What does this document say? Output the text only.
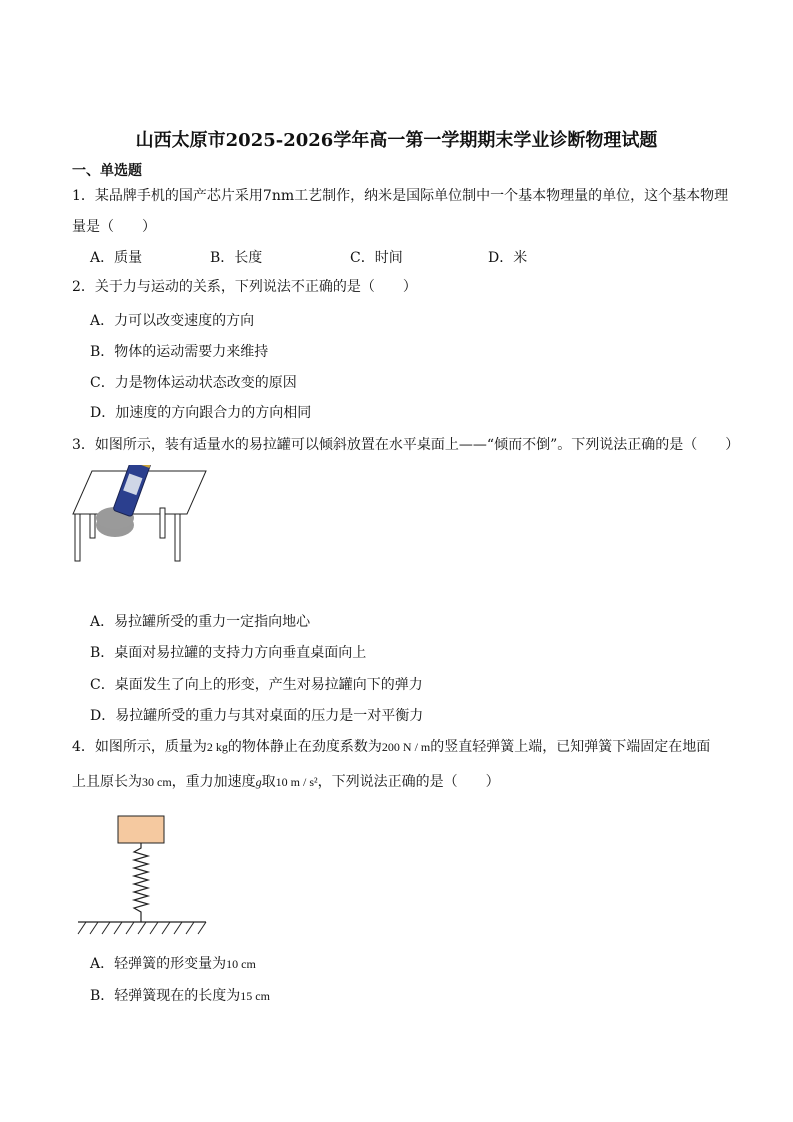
山西太原市2025-2026学年高一第一学期期末学业诊断物理试题
一、单选题
1．某品牌手机的国产芯片采用7nm工艺制作，纳米是国际单位制中一个基本物理量的单位，这个基本物理
量是（　　）
A．质量	B．长度	C．时间	D．米
2．关于力与运动的关系，下列说法不正确的是（　　）
A．力可以改变速度的方向
B．物体的运动需要力来维持
C．力是物体运动状态改变的原因
D．加速度的方向跟合力的方向相同
3．如图所示，装有适量水的易拉罐可以倾斜放置在水平桌面上——“倾而不倒”。下列说法正确的是（　　）
A．易拉罐所受的重力一定指向地心
B．桌面对易拉罐的支持力方向垂直桌面向上
C．桌面发生了向上的形变，产生对易拉罐向下的弹力
D．易拉罐所受的重力与其对桌面的压力是一对平衡力
4．如图所示，质量为2 kg的物体静止在劲度系数为200 N / m的竖直轻弹簧上端，已知弹簧下端固定在地面
上且原长为30 cm，重力加速度g取10 m / s²，下列说法正确的是（　　）
A．轻弹簧的形变量为10 cm
B．轻弹簧现在的长度为15 cm
